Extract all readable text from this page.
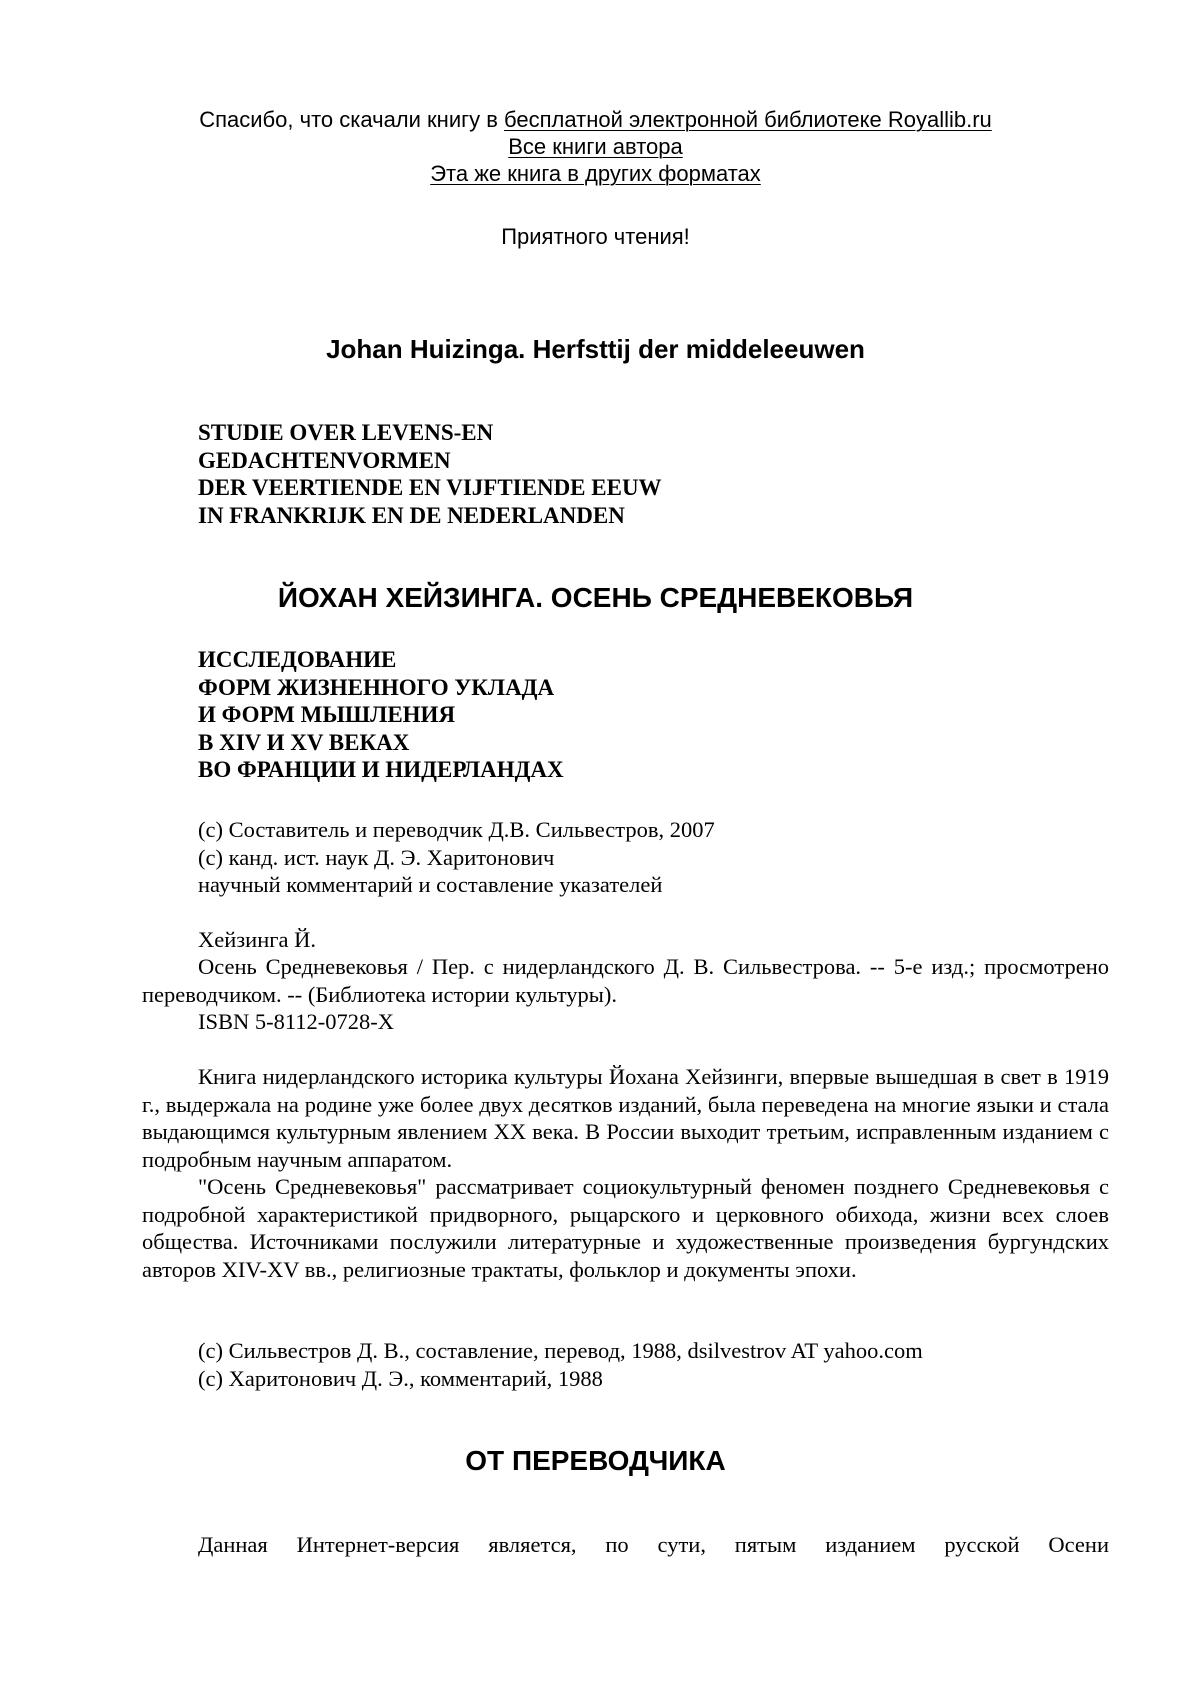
Спасибо, что скачали книгу в бесплатной электронной библиотеке Royallib.ru
Все книги автора
Эта же книга в других форматах
Приятного чтения!
Johan Huizinga. Herfsttij der middeleeuwen
STUDIE OVER LEVENS-EN
GEDACHTENVORMEN
DER VEERTIENDE EN VIJFTIENDE EEUW
IN FRANKRIJK EN DE NEDERLANDEN
ЙОХАН ХЕЙЗИНГА. ОСЕНЬ СРЕДНЕВЕКОВЬЯ
ИССЛЕДОВАНИЕ
ФОРМ ЖИЗНЕННОГО УКЛАДА
И ФОРМ МЫШЛЕНИЯ
В XIV И XV ВЕКАХ
ВО ФРАНЦИИ И НИДЕРЛАНДАХ
(с) Составитель и переводчик Д.В. Сильвестров, 2007
(с) канд. ист. наук Д. Э. Харитонович
научный комментарий и составление указателей
Хейзинга Й.

Осень Средневековья / Пер. с нидерландского Д. В. Сильвестрова. -- 5-е изд.; просмотрено переводчиком. -- (Библиотека истории культуры).

ISBN 5-8112-0728-X

Книга нидерландского историка культуры Йохана Хейзинги, впервые вышедшая в свет в 1919 г., выдержала на родине уже более двух десятков изданий, была переведена на многие языки и стала выдающимся культурным явлением XX века. В России выходит третьим, исправленным изданием с подробным научным аппаратом.

"Осень Средневековья" рассматривает социокультурный феномен позднего Средневековья с подробной характеристикой придворного, рыцарского и церковного обихода, жизни всех слоев общества. Источниками послужили литературные и художественные произведения бургундских авторов XIV-XV вв., религиозные трактаты, фольклор и документы эпохи.

(с) Сильвестров Д. В., составление, перевод, 1988, dsilvestrov AT yahoo.com
(с) Харитонович Д. Э., комментарий, 1988
ОТ ПЕРЕВОДЧИКА

Данная Интернет-версия является, по сути, пятым изданием русской Осени
